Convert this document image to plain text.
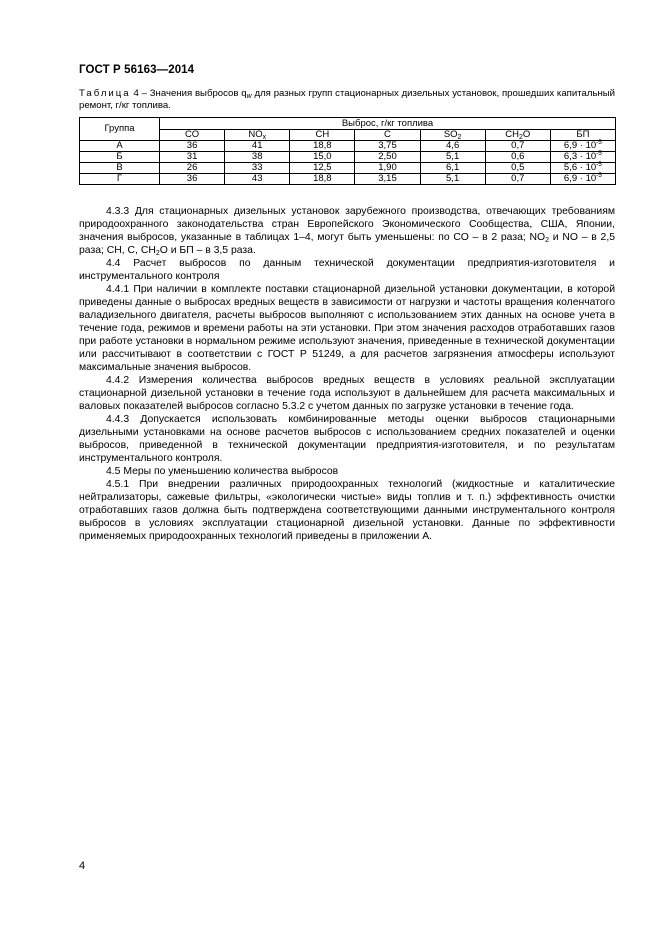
ГОСТ Р 56163—2014
Таблица 4 – Значения выбросов $q_w$ для разных групп стационарных дизельных установок, прошедших капитальный ремонт, г/кг топлива.
Группа	Выброс, г/кг топлива						
	CO	$NO_x$	CH	C	$SO_2$	$CH_2O$	БП
А	36	41	18,8	3,75	4,6	0,7	$6,9 \cdot 10^{-5}$
Б	31	38	15,0	2,50	5,1	0,6	$6,3 \cdot 10^{-5}$
В	26	33	12,5	1,90	6,1	0,5	$5,6 \cdot 10^{-5}$
Г	36	43	18,8	3,15	5,1	0,7	$6,9 \cdot 10^{-5}$

4.3.3 Для стационарных дизельных установок зарубежного производства, отвечающих требованиям природоохранного законодательства стран Европейского Экономического Сообщества, США, Японии, значения выбросов, указанные в таблицах 1–4, могут быть уменьшены: по СО – в 2 раза; $NO_2$ и NO – в 2,5 раза; СН, С, $СН_2О$ и БП – в 3,5 раза.

4.4 Расчет выбросов по данным технической документации предприятия-изготовителя и инструментального контроля

4.4.1 При наличии в комплекте поставки стационарной дизельной установки документации, в которой приведены данные о выбросах вредных веществ в зависимости от нагрузки и частоты вращения коленчатого валадизельного двигателя, расчеты выбросов выполняют с использованием этих данных на основе учета в течение года, режимов и времени работы на эти установки. При этом значения расходов отработавших газов при работе установки в нормальном режиме используют значения, приведенные в технической документации или рассчитывают в соответствии с ГОСТ Р 51249, а для расчетов загрязнения атмосферы используют максимальные значения выбросов.

4.4.2 Измерения количества выбросов вредных веществ в условиях реальной эксплуатации стационарной дизельной установки в течение года используют в дальнейшем для расчета максимальных и валовых показателей выбросов согласно 5.3.2 с учетом данных по загрузке установки в течение года.

4.4.3 Допускается использовать комбинированные методы оценки выбросов стационарными дизельными установками на основе расчетов выбросов с использованием средних показателей и оценки выбросов, приведенной в технической документации предприятия-изготовителя, и по результатам инструментального контроля.

4.5 Меры по уменьшению количества выбросов

4.5.1 При внедрении различных природоохранных технологий (жидкостные и каталитические нейтрализаторы, сажевые фильтры, «экологически чистые» виды топлив и т. п.) эффективность очистки отработавших газов должна быть подтверждена соответствующими данными инструментального контроля выбросов в условиях эксплуатации стационарной дизельной установки. Данные по эффективности применяемых природоохранных технологий приведены в приложении А.

4
